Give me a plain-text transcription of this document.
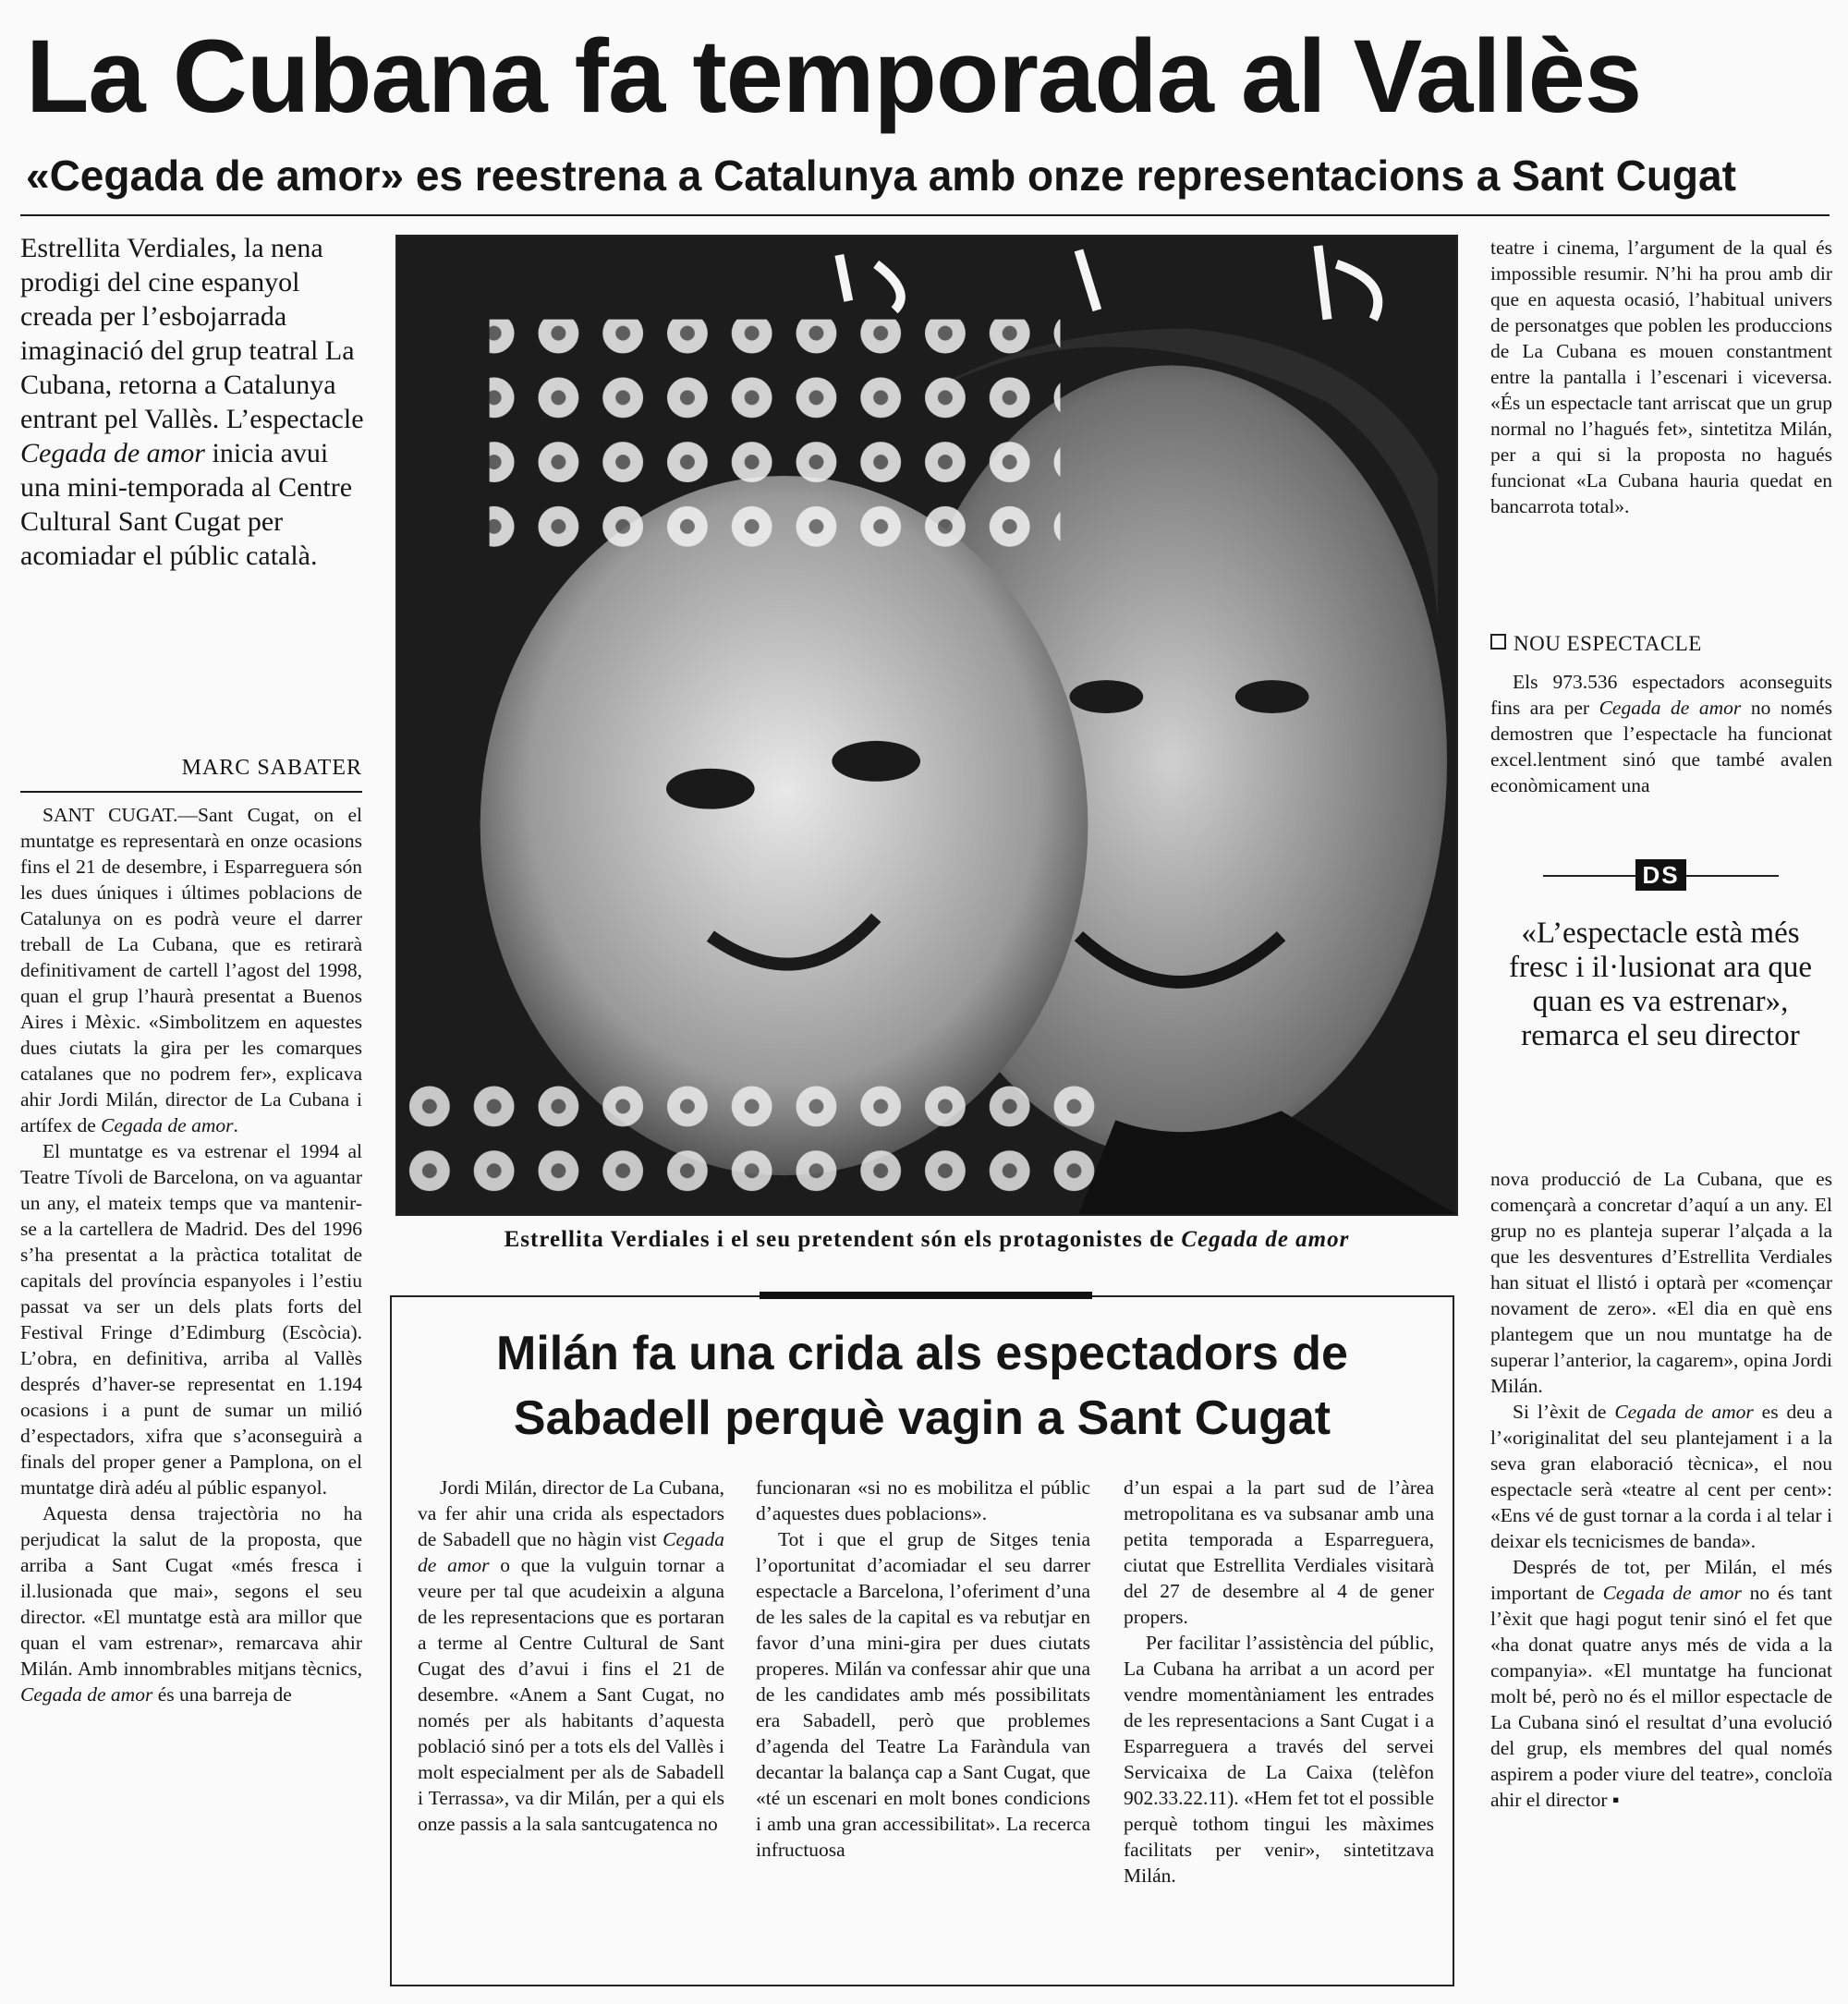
La Cubana fa temporada al Vallès
«Cegada de amor» es reestrena a Catalunya amb onze representacions a Sant Cugat

Estrellita Verdiales, la nena prodigi del cine espanyol creada per l’esbojarrada imaginació del grup teatral La Cubana, retorna a Catalunya entrant pel Vallès. L’espectacle Cegada de amor inicia avui una mini-temporada al Centre Cultural Sant Cugat per acomiadar el públic català.

MARC SABATER

SANT CUGAT.—Sant Cugat, on el muntatge es representarà en onze ocasions fins el 21 de desembre, i Esparreguera són les dues úniques i últimes poblacions de Catalunya on es podrà veure el darrer treball de La Cubana, que es retirarà definitivament de cartell l’agost del 1998, quan el grup l’haurà presentat a Buenos Aires i Mèxic. «Simbolitzem en aquestes dues ciutats la gira per les comarques catalanes que no podrem fer», explicava ahir Jordi Milán, director de La Cubana i artífex de Cegada de amor.

El muntatge es va estrenar el 1994 al Teatre Tívoli de Barcelona, on va aguantar un any, el mateix temps que va mantenir-se a la cartellera de Madrid. Des del 1996 s’ha presentat a la pràctica totalitat de capitals del província espanyoles i l’estiu passat va ser un dels plats forts del Festival Fringe d’Edimburg (Escòcia). L’obra, en definitiva, arriba al Vallès després d’haver-se representat en 1.194 ocasions i a punt de sumar un milió d’espectadors, xifra que s’aconseguirà a finals del proper gener a Pamplona, on el muntatge dirà adéu al públic espanyol.

Aquesta densa trajectòria no ha perjudicat la salut de la proposta, que arriba a Sant Cugat «més fresca i il.lusionada que mai», segons el seu director. «El muntatge està ara millor que quan el vam estrenar», remarcava ahir Milán. Amb innombrables mitjans tècnics, Cegada de amor és una barreja de

Estrellita Verdiales i el seu pretendent són els protagonistes de Cegada de amor

Milán fa una crida als espectadors de Sabadell perquè vagin a Sant Cugat

Jordi Milán, director de La Cubana, va fer ahir una crida als espectadors de Sabadell que no hàgin vist Cegada de amor o que la vulguin tornar a veure per tal que acudeixin a alguna de les representacions que es portaran a terme al Centre Cultural de Sant Cugat des d’avui i fins el 21 de desembre. «Anem a Sant Cugat, no només per als habitants d’aquesta població sinó per a tots els del Vallès i molt especialment per als de Sabadell i Terrassa», va dir Milán, per a qui els onze passis a la sala santcugatenca no

funcionaran «si no es mobilitza el públic d’aquestes dues poblacions».

Tot i que el grup de Sitges tenia l’oportunitat d’acomiadar el seu darrer espectacle a Barcelona, l’oferiment d’una de les sales de la capital es va rebutjar en favor d’una mini-gira per dues ciutats properes. Milán va confessar ahir que una de les candidates amb més possibilitats era Sabadell, però que problemes d’agenda del Teatre La Faràndula van decantar la balança cap a Sant Cugat, que «té un escenari en molt bones condicions i amb una gran accessibilitat». La recerca infructuosa

d’un espai a la part sud de l’àrea metropolitana es va subsanar amb una petita temporada a Esparreguera, ciutat que Estrellita Verdiales visitarà del 27 de desembre al 4 de gener propers.

Per facilitar l’assistència del públic, La Cubana ha arribat a un acord per vendre momentàniament les entrades de les representacions a Sant Cugat i a Esparreguera a través del servei Servicaixa de La Caixa (telèfon 902.33.22.11). «Hem fet tot el possible perquè tothom tingui les màximes facilitats per venir», sintetitzava Milán.

teatre i cinema, l’argument de la qual és impossible resumir. N’hi ha prou amb dir que en aquesta ocasió, l’habitual univers de personatges que poblen les produccions de La Cubana es mouen constantment entre la pantalla i l’escenari i viceversa. «És un espectacle tant arriscat que un grup normal no l’hagués fet», sintetitza Milán, per a qui si la proposta no hagués funcionat «La Cubana hauria quedat en bancarrota total».

NOU ESPECTACLE

Els 973.536 espectadors aconseguits fins ara per Cegada de amor no només demostren que l’espectacle ha funcionat excel.lentment sinó que també avalen econòmicament una

DS

«L’espectacle està més fresc i il·lusionat ara que quan es va estrenar», remarca el seu director

nova producció de La Cubana, que es començarà a concretar d’aquí a un any. El grup no es planteja superar l’alçada a la que les desventures d’Estrellita Verdiales han situat el llistó i optarà per «començar novament de zero». «El dia en què ens plantegem que un nou muntatge ha de superar l’anterior, la cagarem», opina Jordi Milán.

Si l’èxit de Cegada de amor es deu a l’«originalitat del seu plantejament i a la seva gran elaboració tècnica», el nou espectacle serà «teatre al cent per cent»: «Ens vé de gust tornar a la corda i al telar i deixar els tecnicismes de banda».

Després de tot, per Milán, el més important de Cegada de amor no és tant l’èxit que hagi pogut tenir sinó el fet que «ha donat quatre anys més de vida a la companyia». «El muntatge ha funcionat molt bé, però no és el millor espectacle de La Cubana sinó el resultat d’una evolució del grup, els membres del qual només aspirem a poder viure del teatre», concloïa ahir el director ▪
